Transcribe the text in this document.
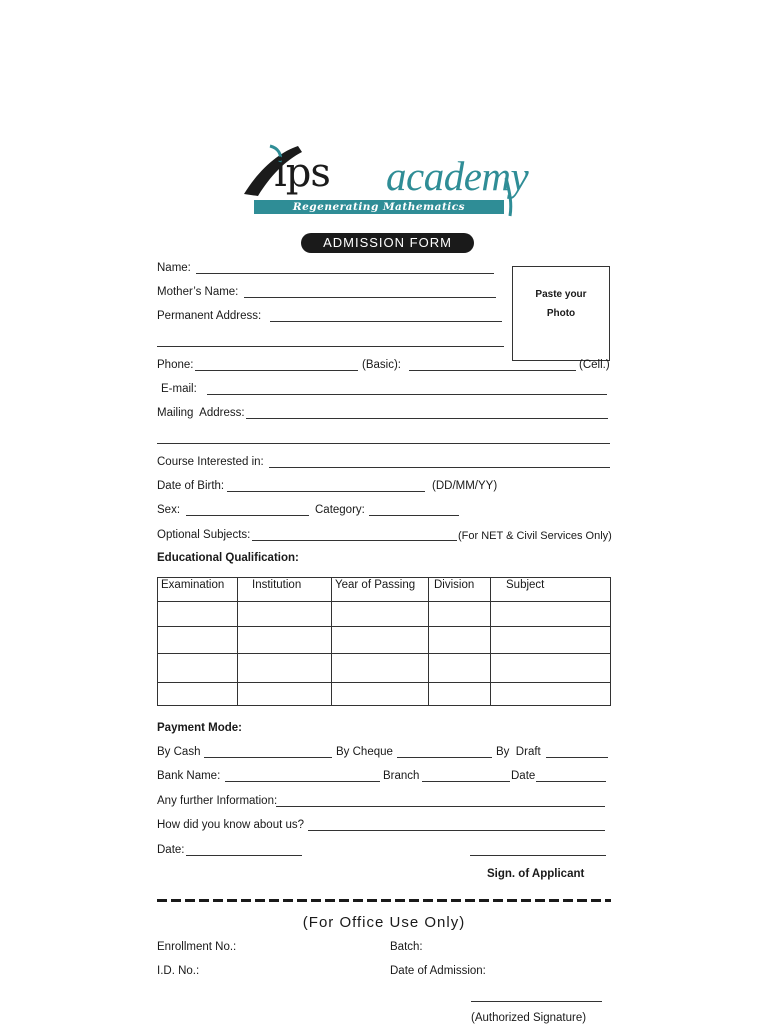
ips academy
Regenerating Mathematics
ADMISSION FORM
Paste your
Photo
Name:
Mother’s Name:
Permanent Address:
Phone:	(Basic):	(Cell.)
E-mail:
Mailing  Address:
Course Interested in:
Date of Birth:	(DD/MM/YY)
Sex:	Category:
Optional Subjects:	(For NET & Civil Services Only)
Educational Qualification:
Examination	Institution	Year of Passing	Division	Subject

Payment Mode:
By Cash	By Cheque	By  Draft
Bank Name:	Branch	Date
Any further Information:
How did you know about us?
Date:
Sign. of Applicant
(For Office Use Only)
Enrollment No.:	Batch:
I.D. No.:	Date of Admission:
(Authorized Signature)
